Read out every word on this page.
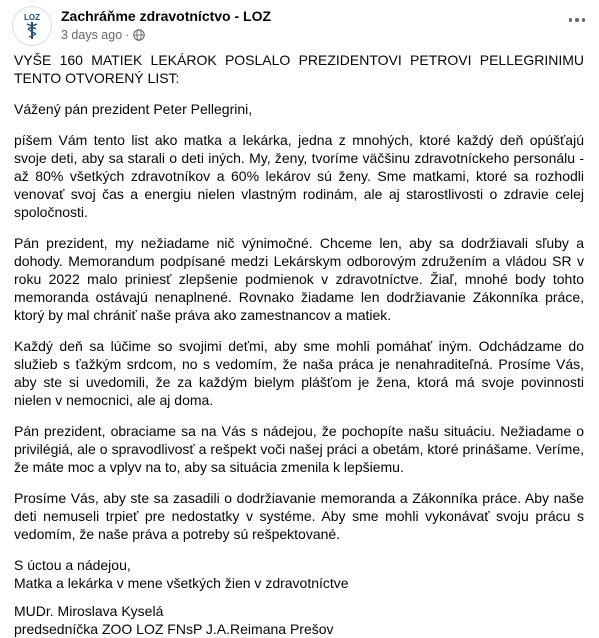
LOZ Zachráňme zdravotníctvo - LOZ
3 days ago ·

VYŠE 160 MATIEK LEKÁROK POSLALO PREZIDENTOVI PETROVI PELLEGRINIMU TENTO OTVORENÝ LIST:

Vážený pán prezident Peter Pellegrini,

píšem Vám tento list ako matka a lekárka, jedna z mnohých, ktoré každý deň opúšťajú svoje deti, aby sa starali o deti iných. My, ženy, tvoríme väčšinu zdravotníckeho personálu - až 80% všetkých zdravotníkov a 60% lekárov sú ženy. Sme matkami, ktoré sa rozhodli venovať svoj čas a energiu nielen vlastným rodinám, ale aj starostlivosti o zdravie celej spoločnosti.

Pán prezident, my nežiadame nič výnimočné. Chceme len, aby sa dodržiavali sľuby a dohody. Memorandum podpísané medzi Lekárskym odborovým združením a vládou SR v roku 2022 malo priniesť zlepšenie podmienok v zdravotníctve. Žiaľ, mnohé body tohto memoranda ostávajú nenaplnené. Rovnako žiadame len dodržiavanie Zákonníka práce, ktorý by mal chrániť naše práva ako zamestnancov a matiek.

Každý deň sa lúčime so svojimi deťmi, aby sme mohli pomáhať iným. Odchádzame do služieb s ťažkým srdcom, no s vedomím, že naša práca je nenahraditeľná. Prosíme Vás, aby ste si uvedomili, že za každým bielym plášťom je žena, ktorá má svoje povinnosti nielen v nemocnici, ale aj doma.

Pán prezident, obraciame sa na Vás s nádejou, že pochopíte našu situáciu. Nežiadame o privilégiá, ale o spravodlivosť a rešpekt voči našej práci a obetám, ktoré prinášame. Veríme, že máte moc a vplyv na to, aby sa situácia zmenila k lepšiemu.

Prosíme Vás, aby ste sa zasadili o dodržiavanie memoranda a Zákonníka práce. Aby naše deti nemuseli trpieť pre nedostatky v systéme. Aby sme mohli vykonávať svoju prácu s vedomím, že naše práva a potreby sú rešpektované.

S úctou a nádejou,

Matka a lekárka v mene všetkých žien v zdravotníctve

MUDr. Miroslava Kyselá

predsedníčka ZOO LOZ FNsP J.A.Reimana Prešov
